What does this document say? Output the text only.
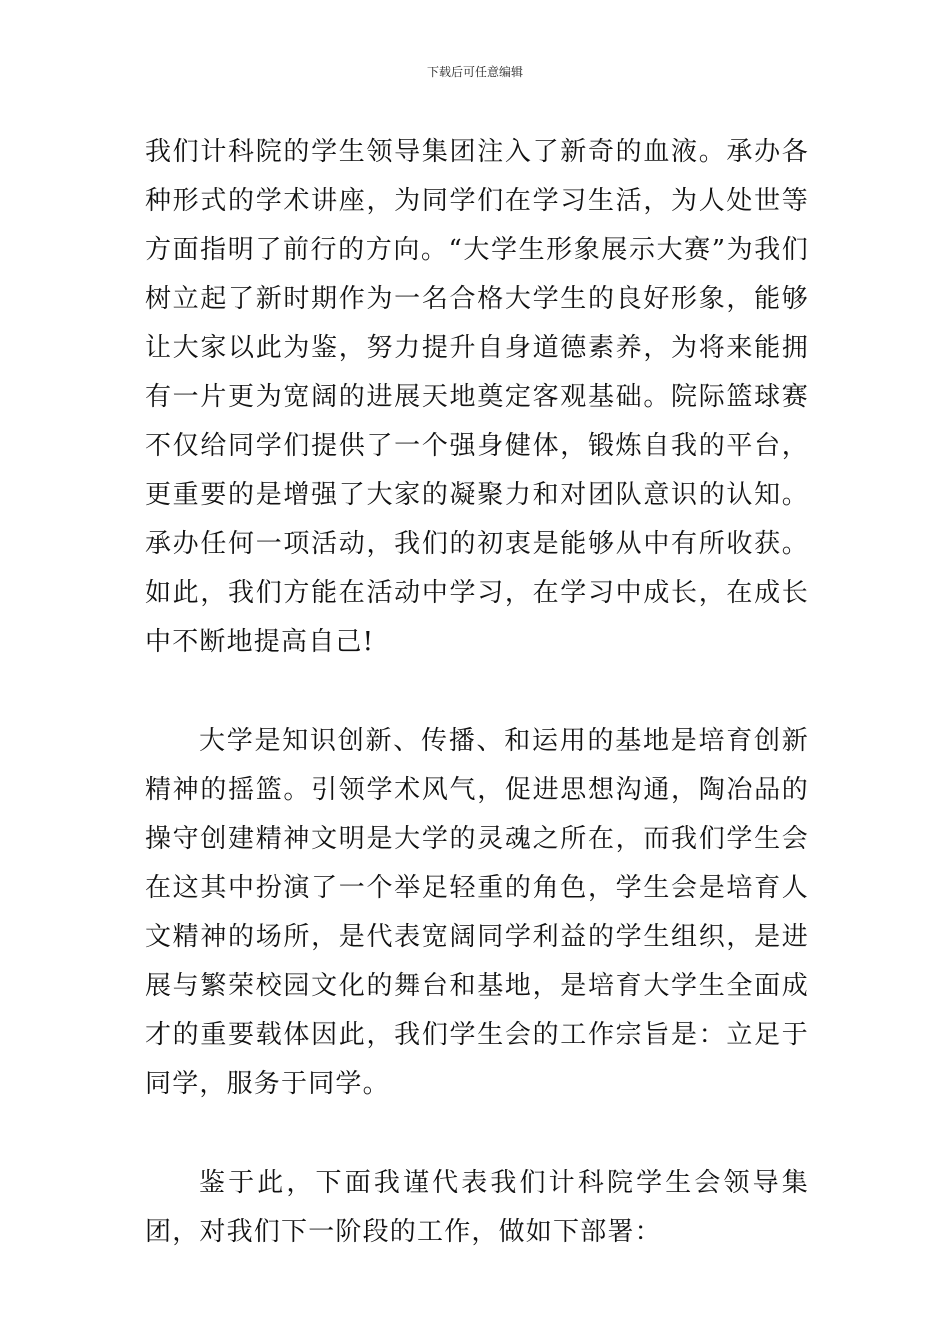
下载后可任意编辑

我们计科院的学生领导集团注入了新奇的血液。承办各种形式的学术讲座，为同学们在学习生活，为人处世等方面指明了前行的方向。“大学生形象展示大赛”为我们树立起了新时期作为一名合格大学生的良好形象，能够让大家以此为鉴，努力提升自身道德素养，为将来能拥有一片更为宽阔的进展天地奠定客观基础。院际篮球赛不仅给同学们提供了一个强身健体，锻炼自我的平台，更重要的是增强了大家的凝聚力和对团队意识的认知。承办任何一项活动，我们的初衷是能够从中有所收获。如此，我们方能在活动中学习，在学习中成长，在成长中不断地提高自己!

大学是知识创新、传播、和运用的基地是培育创新精神的摇篮。引领学术风气，促进思想沟通，陶冶品的操守创建精神文明是大学的灵魂之所在，而我们学生会在这其中扮演了一个举足轻重的角色，学生会是培育人文精神的场所，是代表宽阔同学利益的学生组织，是进展与繁荣校园文化的舞台和基地，是培育大学生全面成才的重要载体因此，我们学生会的工作宗旨是：立足于同学，服务于同学。

鉴于此，下面我谨代表我们计科院学生会领导集团，对我们下一阶段的工作，做如下部署：
